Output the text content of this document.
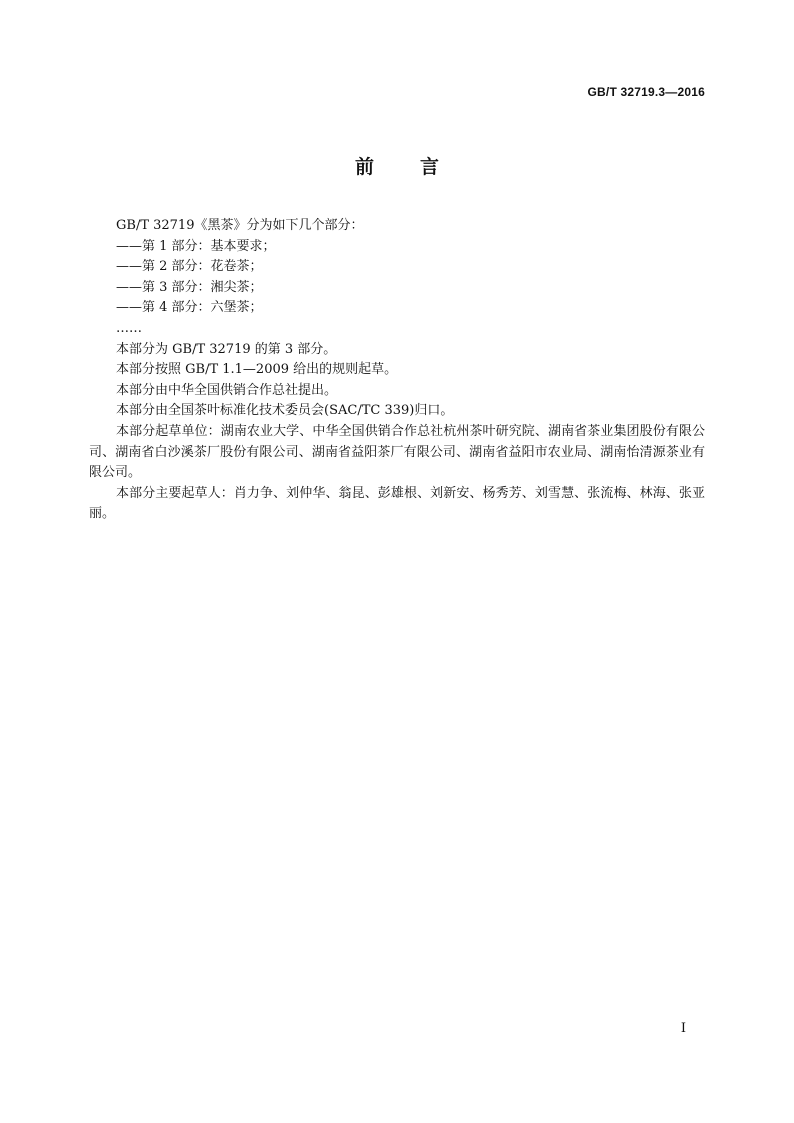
GB/T 32719.3—2016
前言

GB/T 32719《黑茶》分为如下几个部分：

——第 1 部分：基本要求；

——第 2 部分：花卷茶；

——第 3 部分：湘尖茶；

——第 4 部分：六堡茶；

……

本部分为 GB/T 32719 的第 3 部分。

本部分按照 GB/T 1.1—2009 给出的规则起草。

本部分由中华全国供销合作总社提出。

本部分由全国茶叶标准化技术委员会(SAC/TC 339)归口。

本部分起草单位：湖南农业大学、中华全国供销合作总社杭州茶叶研究院、湖南省茶业集团股份有限公司、湖南省白沙溪茶厂股份有限公司、湖南省益阳茶厂有限公司、湖南省益阳市农业局、湖南怡清源茶业有限公司。

本部分主要起草人：肖力争、刘仲华、翁昆、彭雄根、刘新安、杨秀芳、刘雪慧、张流梅、林海、张亚丽。

I
